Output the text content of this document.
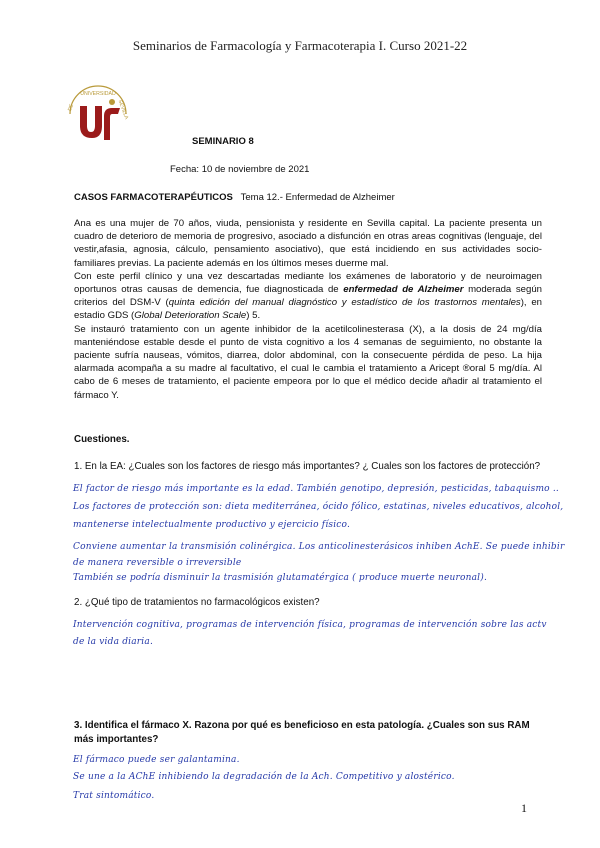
Seminarios de Farmacología y Farmacoterapia I. Curso 2021-22
UNIVERSIDAD
SEVILLA
DE
SEMINARIO 8
Fecha: 10 de noviembre de 2021
CASOS FARMACOTERAPÉUTICOS Tema 12.- Enfermedad de Alzheimer

Ana es una mujer de 70 años, viuda, pensionista y residente en Sevilla capital. La paciente presenta un cuadro de deterioro de memoria de progresivo, asociado a disfunción en otras areas cognitivas (lenguaje, del vestir,afasia, agnosia, cálculo, pensamiento asociativo), que está incidiendo en sus actividades socio-familiares previas. La paciente además en los últimos meses duerme mal.

Con este perfil clínico y una vez descartadas mediante los exámenes de laboratorio y de neuroimagen oportunos otras causas de demencia, fue diagnosticada de enfermedad de Alzheimer moderada según criterios del DSM-V (quinta edición del manual diagnóstico y estadístico de los trastornos mentales), en estadio GDS (Global Deterioration Scale) 5.

Se instauró tratamiento con un agente inhibidor de la acetilcolinesterasa (X), a la dosis de 24 mg/día manteniéndose estable desde el punto de vista cognitivo a los 4 semanas de seguimiento, no obstante la paciente sufría nauseas, vómitos, diarrea, dolor abdominal, con la consecuente pérdida de peso. La hija alarmada acompaña a su madre al facultativo, el cual le cambia el tratamiento a Aricept ®oral 5 mg/día. Al cabo de 6 meses de tratamiento, el paciente empeora por lo que el médico decide añadir al tratamiento el fármaco Y.

Cuestiones.
1. En la EA: ¿Cuales son los factores de riesgo más importantes? ¿ Cuales son los factores de protección?
El factor de riesgo más importante es la edad. También genotipo, depresión, pesticidas, tabaquismo ..
Los factores de protección son: dieta mediterránea, ócido fólico, estatinas, niveles educativos, alcohol,
mantenerse intelectualmente productivo y ejercicio físico.
Conviene aumentar la transmisión colinérgica. Los anticolinesterásicos inhiben AchE. Se puede inhibir
de manera reversible o irreversible
También se podría disminuir la trasmisión glutamatérgica ( produce muerte neuronal).
2. ¿Qué tipo de tratamientos no farmacológicos existen?
Intervención cognitiva, programas de intervención física, programas de intervención sobre las actv
de la vida diaria.
3. Identifica el fármaco X. Razona por qué es beneficioso en esta patología. ¿Cuales son sus RAM más importantes?
El fármaco puede ser galantamina.
Se une a la AChE inhibiendo la degradación de la Ach. Competitivo y alostérico.
Trat sintomático.
1
